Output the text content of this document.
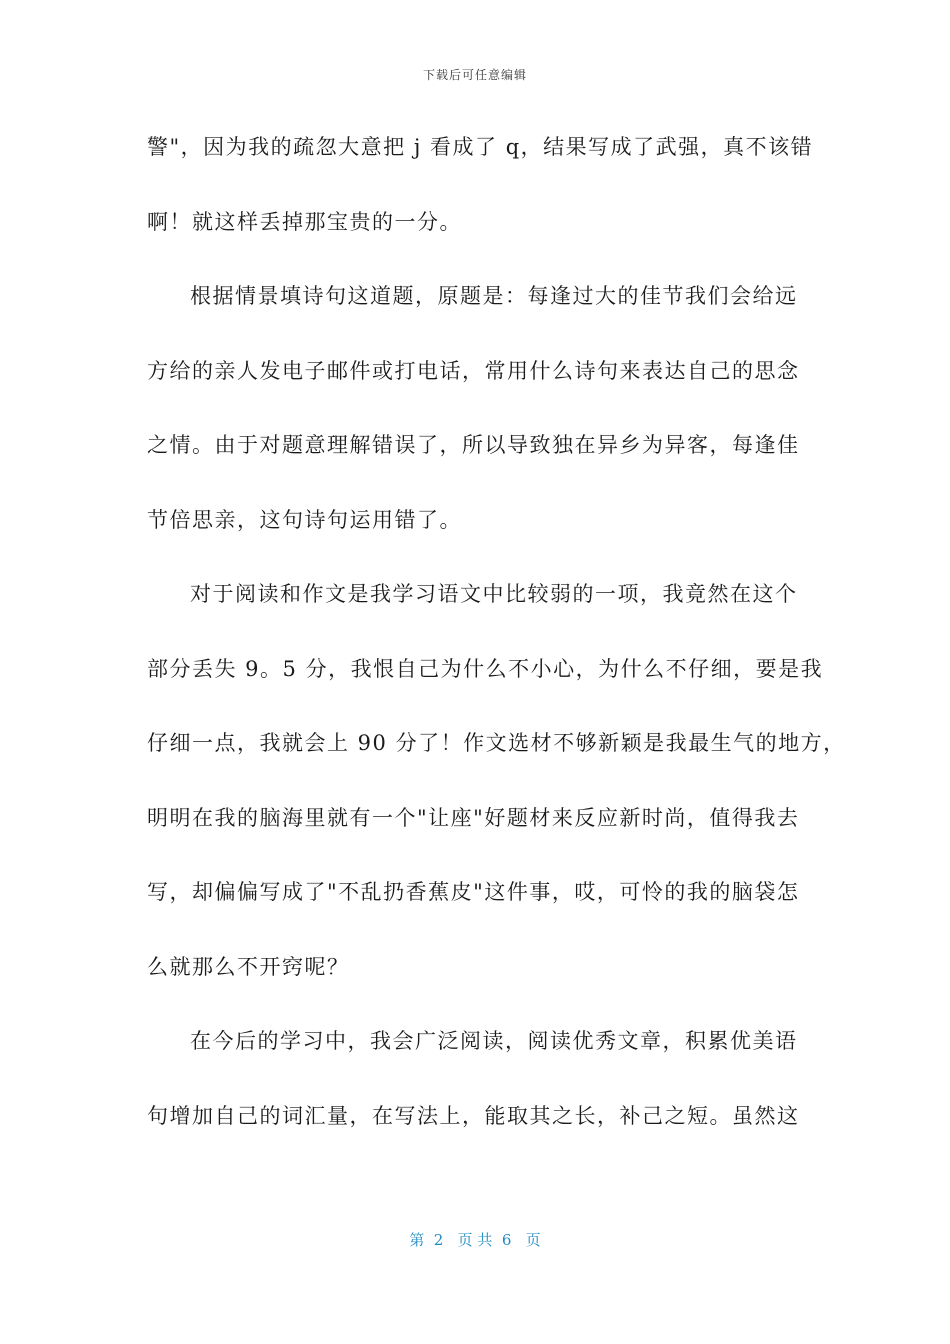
下载后可任意编辑
警"，因为我的疏忽大意把 j 看成了 q，结果写成了武强，真不该错
啊！就这样丢掉那宝贵的一分。
根据情景填诗句这道题，原题是：每逢过大的佳节我们会给远
方给的亲人发电子邮件或打电话，常用什么诗句来表达自己的思念
之情。由于对题意理解错误了，所以导致独在异乡为异客，每逢佳
节倍思亲，这句诗句运用错了。
对于阅读和作文是我学习语文中比较弱的一项，我竟然在这个
部分丢失 9。5 分，我恨自己为什么不小心，为什么不仔细，要是我
仔细一点，我就会上 90 分了！作文选材不够新颖是我最生气的地方，
明明在我的脑海里就有一个"让座"好题材来反应新时尚，值得我去
写，却偏偏写成了"不乱扔香蕉皮"这件事，哎，可怜的我的脑袋怎
么就那么不开窍呢？
在今后的学习中，我会广泛阅读，阅读优秀文章，积累优美语
句增加自己的词汇量，在写法上，能取其之长，补己之短。虽然这
第  2   页 共  6   页
